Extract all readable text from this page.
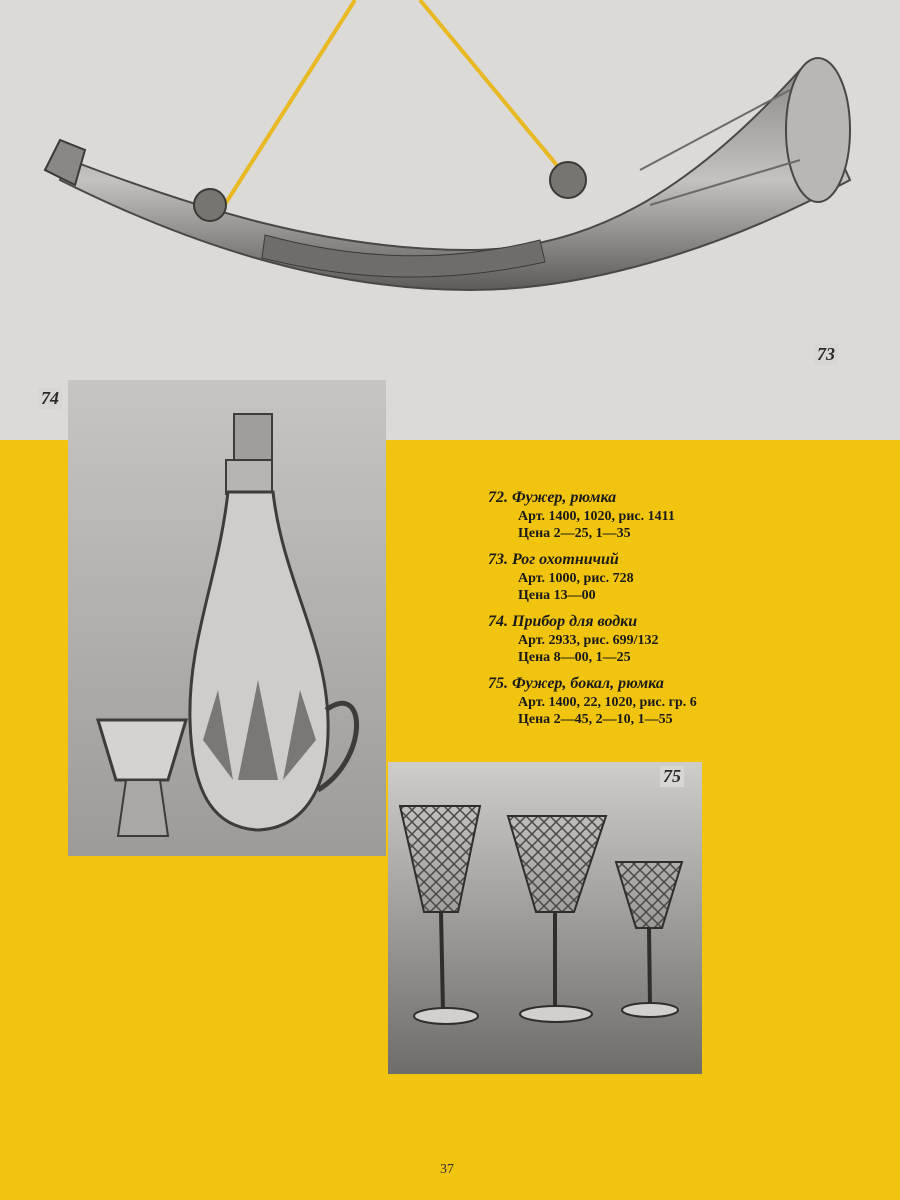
73
74
72. Фужер, рюмка
Арт. 1400, 1020, рис. 1411
Цена 2—25, 1—35
73. Рог охотничий
Арт. 1000, рис. 728
Цена 13—00
74. Прибор для водки
Арт. 2933, рис. 699/132
Цена 8—00, 1—25
75. Фужер, бокал, рюмка
Арт. 1400, 22, 1020, рис. гр. 6
Цена 2—45, 2—10, 1—55
75
37
